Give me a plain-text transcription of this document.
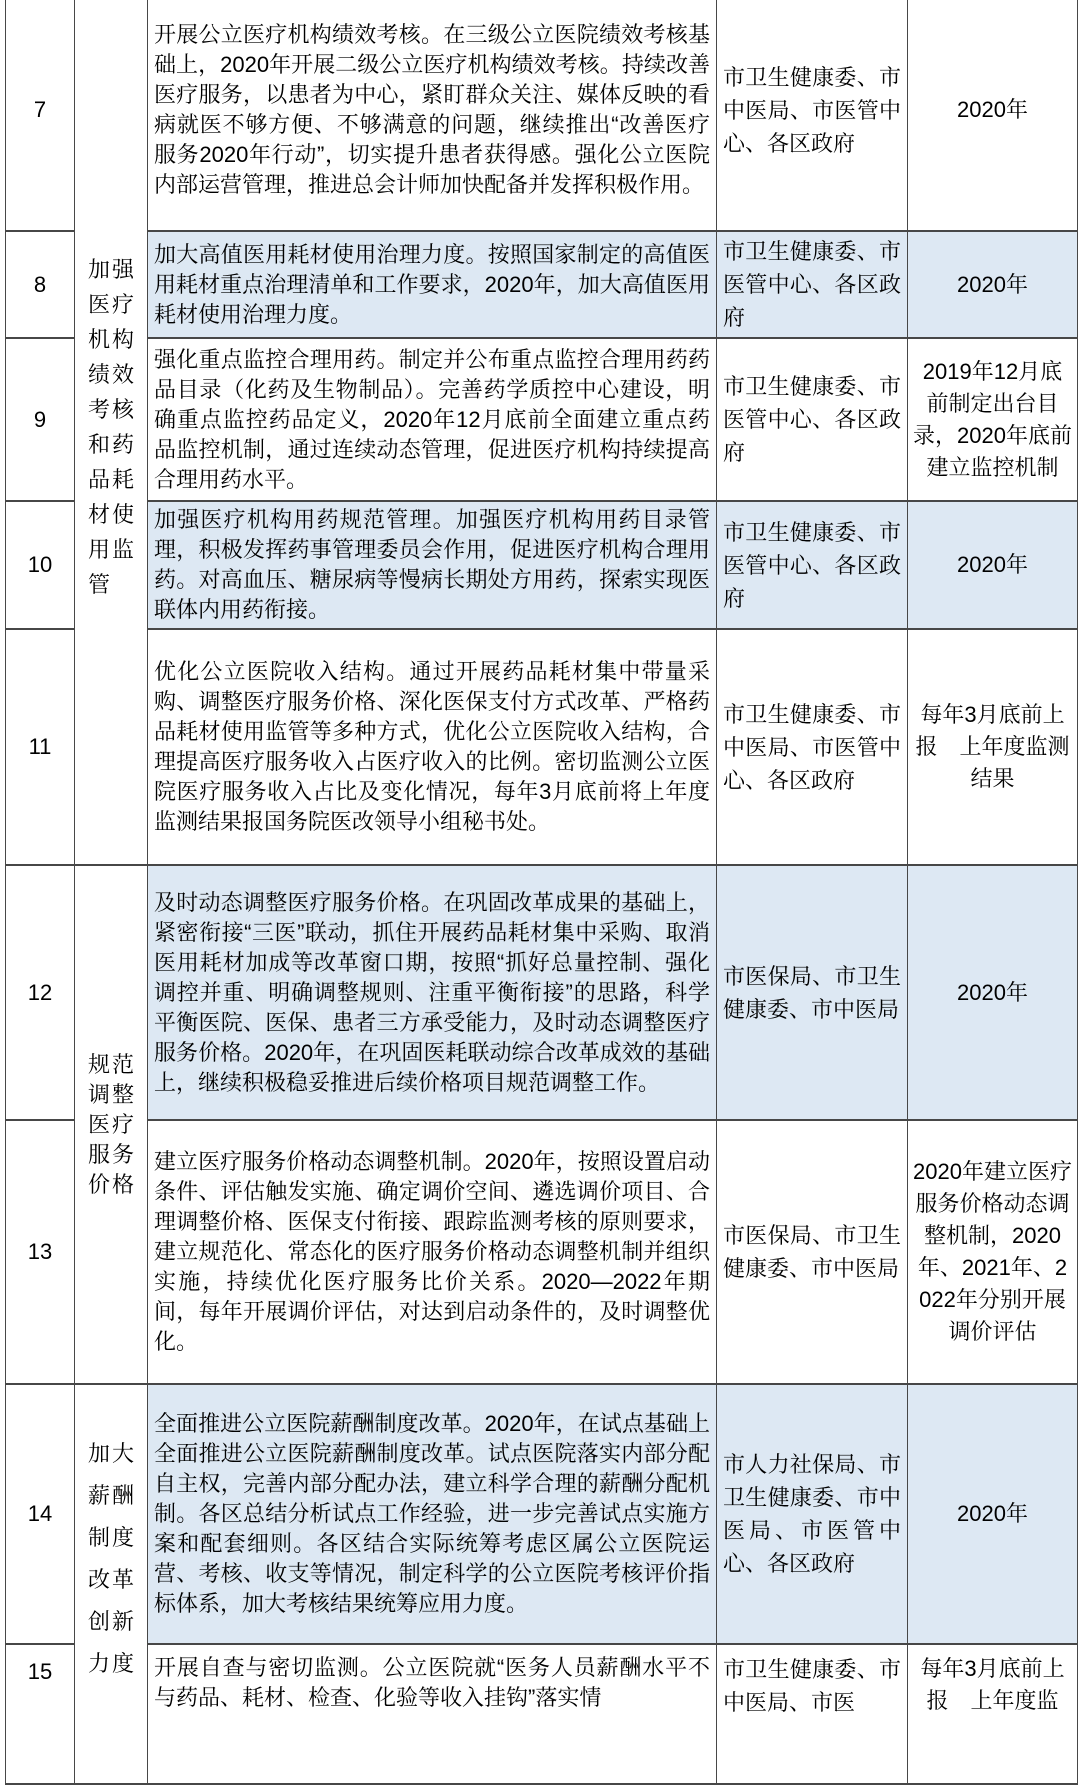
7	加强医疗机构绩效考核和药品耗材使用监管	开展公立医疗机构绩效考核。在三级公立医院绩效考核基础上，2020年开展二级公立医疗机构绩效考核。持续改善医疗服务，以患者为中心，紧盯群众关注、媒体反映的看病就医不够方便、不够满意的问题，继续推出“改善医疗服务2020年行动”，切实提升患者获得感。强化公立医院内部运营管理，推进总会计师加快配备并发挥积极作用。	市卫生健康委、市中医局、市医管中心、各区政府	2020年
8		加大高值医用耗材使用治理力度。按照国家制定的高值医用耗材重点治理清单和工作要求，2020年，加大高值医用耗材使用治理力度。	市卫生健康委、市医管中心、各区政府	2020年
9		强化重点监控合理用药。制定并公布重点监控合理用药药品目录（化药及生物制品）。完善药学质控中心建设，明确重点监控药品定义，2020年12月底前全面建立重点药品监控机制，通过连续动态管理，促进医疗机构持续提高合理用药水平。	市卫生健康委、市医管中心、各区政府	2019年12月底前制定出台目录，2020年底前建立监控机制
10		加强医疗机构用药规范管理。加强医疗机构用药目录管理，积极发挥药事管理委员会作用，促进医疗机构合理用药。对高血压、糖尿病等慢病长期处方用药，探索实现医联体内用药衔接。	市卫生健康委、市医管中心、各区政府	2020年
11		优化公立医院收入结构。通过开展药品耗材集中带量采购、调整医疗服务价格、深化医保支付方式改革、严格药品耗材使用监管等多种方式，优化公立医院收入结构，合理提高医疗服务收入占医疗收入的比例。密切监测公立医院医疗服务收入占比及变化情况，每年3月底前将上年度监测结果报国务院医改领导小组秘书处。	市卫生健康委、市中医局、市医管中心、各区政府	每年3月底前上报　上年度监测结果
12	规范调整医疗服务价格	及时动态调整医疗服务价格。在巩固改革成果的基础上，紧密衔接“三医”联动，抓住开展药品耗材集中采购、取消医用耗材加成等改革窗口期，按照“抓好总量控制、强化调控并重、明确调整规则、注重平衡衔接”的思路，科学平衡医院、医保、患者三方承受能力，及时动态调整医疗服务价格。2020年，在巩固医耗联动综合改革成效的基础上，继续积极稳妥推进后续价格项目规范调整工作。	市医保局、市卫生健康委、市中医局	2020年
13		建立医疗服务价格动态调整机制。2020年，按照设置启动条件、评估触发实施、确定调价空间、遴选调价项目、合理调整价格、医保支付衔接、跟踪监测考核的原则要求，建立规范化、常态化的医疗服务价格动态调整机制并组织实施，持续优化医疗服务比价关系。2020—2022年期间，每年开展调价评估，对达到启动条件的，及时调整优化。	市医保局、市卫生健康委、市中医局	2020年建立医疗服务价格动态调整机制，2020年、2021年、2022年分别开展调价评估
14	加大薪酬制度改革创新力度	全面推进公立医院薪酬制度改革。2020年，在试点基础上全面推进公立医院薪酬制度改革。试点医院落实内部分配自主权，完善内部分配办法，建立科学合理的薪酬分配机制。各区总结分析试点工作经验，进一步完善试点实施方案和配套细则。各区结合实际统筹考虑区属公立医院运营、考核、收支等情况，制定科学的公立医院考核评价指标体系，加大考核结果统筹应用力度。	市人力社保局、市卫生健康委、市中医局、市医管中心、各区政府	2020年
15		开展自查与密切监测。公立医院就“医务人员薪酬水平不与药品、耗材、检查、化验等收入挂钩”落实情	市卫生健康委、市中医局、市医	每年3月底前上报　上年度监
